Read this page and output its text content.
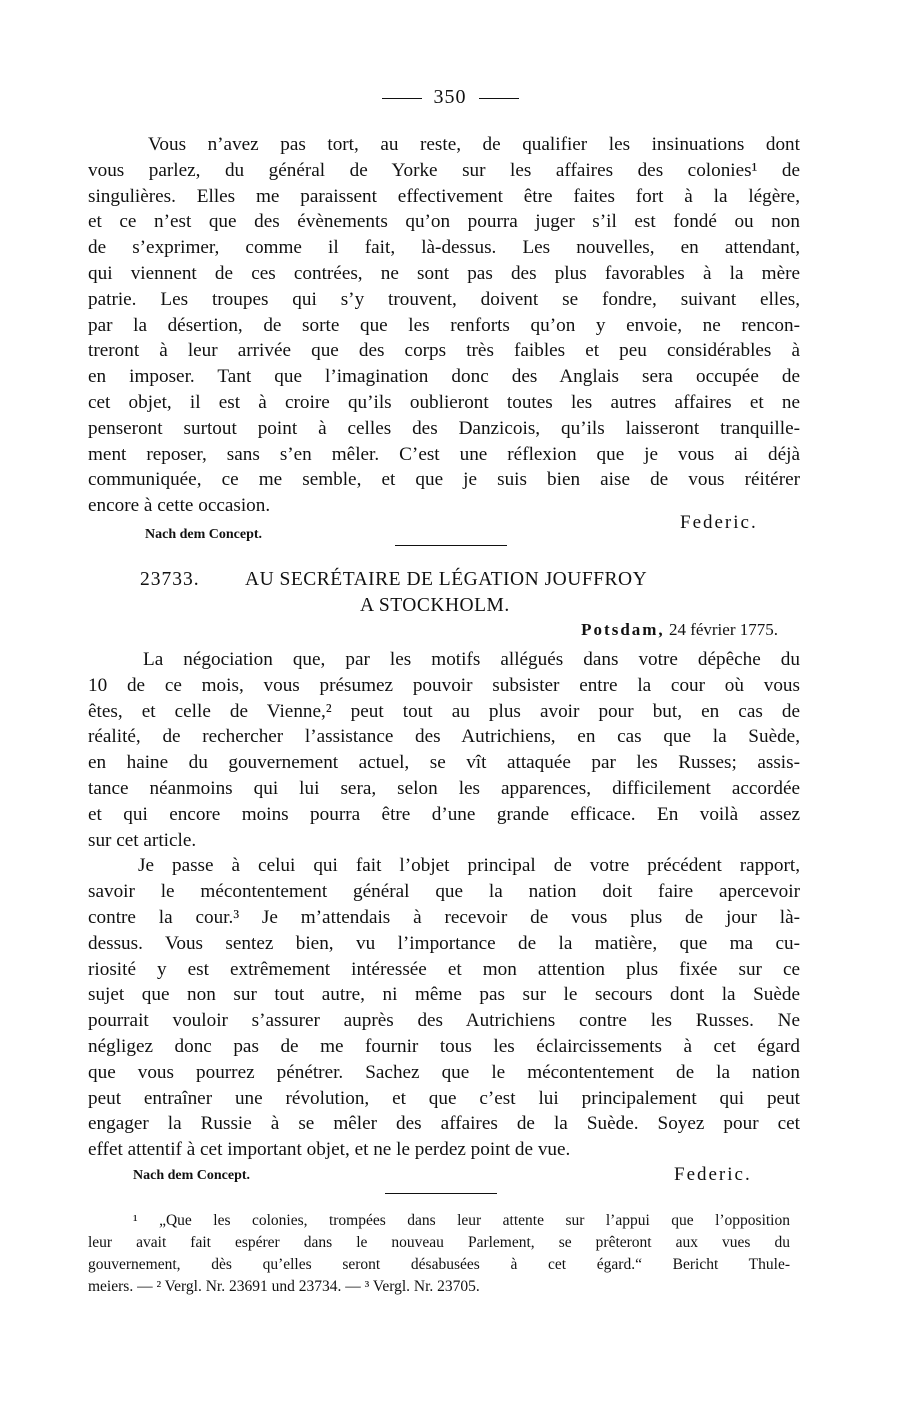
350
Vous n’avez pas tort, au reste, de qualifier les insinuations dont
vous parlez, du général de Yorke sur les affaires des colonies¹ de
singulières. Elles me paraissent effectivement être faites fort à la légère,
et ce n’est que des évènements qu’on pourra juger s’il est fondé ou non
de s’exprimer, comme il fait, là-dessus. Les nouvelles, en attendant,
qui viennent de ces contrées, ne sont pas des plus favorables à la mère
patrie. Les troupes qui s’y trouvent, doivent se fondre, suivant elles,
par la désertion, de sorte que les renforts qu’on y envoie, ne rencon-
treront à leur arrivée que des corps très faibles et peu considérables à
en imposer. Tant que l’imagination donc des Anglais sera occupée de
cet objet, il est à croire qu’ils oublieront toutes les autres affaires et ne
penseront surtout point à celles des Danzicois, qu’ils laisseront tranquille-
ment reposer, sans s’en mêler. C’est une réflexion que je vous ai déjà
communiquée, ce me semble, et que je suis bien aise de vous réitérer
encore à cette occasion.
Nach dem Concept.
Federic.
23733. AU SECRÉTAIRE DE LÉGATION JOUFFROY
A STOCKHOLM.
Potsdam, 24 février 1775.
La négociation que, par les motifs allégués dans votre dépêche du
10 de ce mois, vous présumez pouvoir subsister entre la cour où vous
êtes, et celle de Vienne,² peut tout au plus avoir pour but, en cas de
réalité, de rechercher l’assistance des Autrichiens, en cas que la Suède,
en haine du gouvernement actuel, se vît attaquée par les Russes; assis-
tance néanmoins qui lui sera, selon les apparences, difficilement accordée
et qui encore moins pourra être d’une grande efficace. En voilà assez
sur cet article.
Je passe à celui qui fait l’objet principal de votre précédent rapport,
savoir le mécontentement général que la nation doit faire apercevoir
contre la cour.³ Je m’attendais à recevoir de vous plus de jour là-
dessus. Vous sentez bien, vu l’importance de la matière, que ma cu-
riosité y est extrêmement intéressée et mon attention plus fixée sur ce
sujet que non sur tout autre, ni même pas sur le secours dont la Suède
pourrait vouloir s’assurer auprès des Autrichiens contre les Russes. Ne
négligez donc pas de me fournir tous les éclaircissements à cet égard
que vous pourrez pénétrer. Sachez que le mécontentement de la nation
peut entraîner une révolution, et que c’est lui principalement qui peut
engager la Russie à se mêler des affaires de la Suède. Soyez pour cet
effet attentif à cet important objet, et ne le perdez point de vue.
Nach dem Concept.	Federic.
¹ „Que les colonies, trompées dans leur attente sur l’appui que l’opposition
leur avait fait espérer dans le nouveau Parlement, se prêteront aux vues du
gouvernement, dès qu’elles seront désabusées à cet égard.“ Bericht Thule-
meiers. — ² Vergl. Nr. 23691 und 23734. — ³ Vergl. Nr. 23705.
